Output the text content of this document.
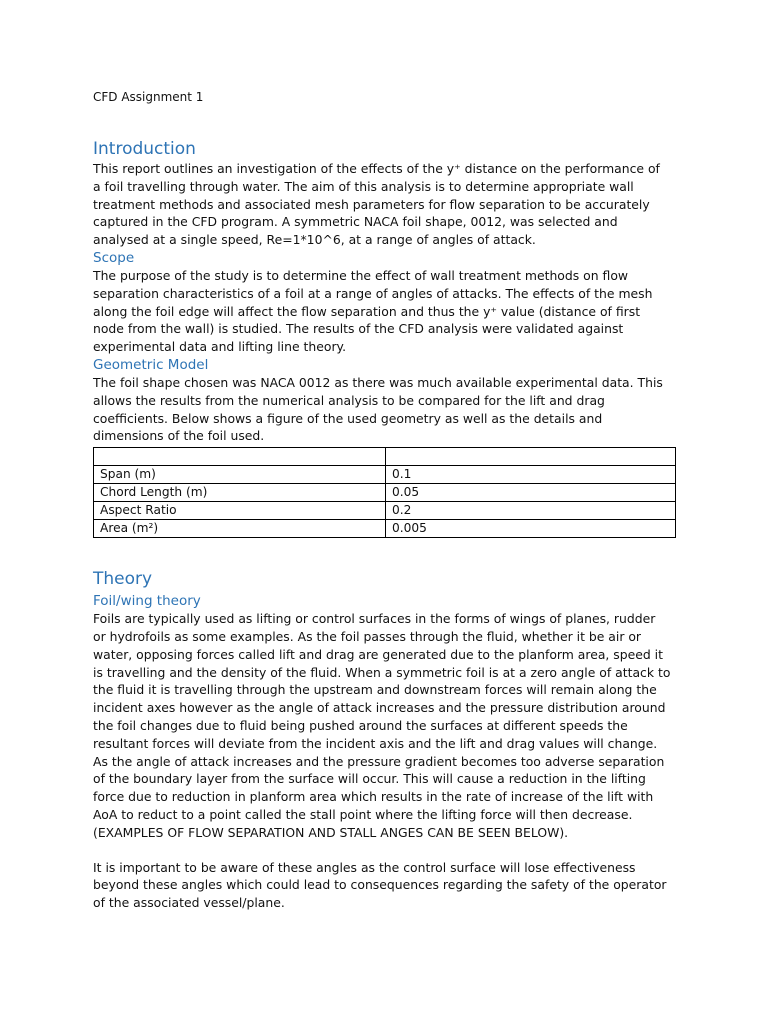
CFD Assignment 1
Introduction
This report outlines an investigation of the effects of the y⁺ distance on the performance of
a foil travelling through water. The aim of this analysis is to determine appropriate wall
treatment methods and associated mesh parameters for flow separation to be accurately
captured in the CFD program. A symmetric NACA foil shape, 0012, was selected and
analysed at a single speed, Re=1*10^6, at a range of angles of attack.
Scope
The purpose of the study is to determine the effect of wall treatment methods on flow
separation characteristics of a foil at a range of angles of attacks. The effects of the mesh
along the foil edge will affect the flow separation and thus the y⁺ value (distance of first
node from the wall) is studied. The results of the CFD analysis were validated against
experimental data and lifting line theory.
Geometric Model
The foil shape chosen was NACA 0012 as there was much available experimental data. This
allows the results from the numerical analysis to be compared for the lift and drag
coefficients. Below shows a figure of the used geometry as well as the details and
dimensions of the foil used.

Span (m)	0.1
Chord Length (m)	0.05
Aspect Ratio	0.2
Area (m²)	0.005
Theory
Foil/wing theory
Foils are typically used as lifting or control surfaces in the forms of wings of planes, rudder
or hydrofoils as some examples. As the foil passes through the fluid, whether it be air or
water, opposing forces called lift and drag are generated due to the planform area, speed it
is travelling and the density of the fluid. When a symmetric foil is at a zero angle of attack to
the fluid it is travelling through the upstream and downstream forces will remain along the
incident axes however as the angle of attack increases and the pressure distribution around
the foil changes due to fluid being pushed around the surfaces at different speeds the
resultant forces will deviate from the incident axis and the lift and drag values will change.
As the angle of attack increases and the pressure gradient becomes too adverse separation
of the boundary layer from the surface will occur. This will cause a reduction in the lifting
force due to reduction in planform area which results in the rate of increase of the lift with
AoA to reduct to a point called the stall point where the lifting force will then decrease.
(EXAMPLES OF FLOW SEPARATION AND STALL ANGES CAN BE SEEN BELOW).
It is important to be aware of these angles as the control surface will lose effectiveness
beyond these angles which could lead to consequences regarding the safety of the operator
of the associated vessel/plane.
